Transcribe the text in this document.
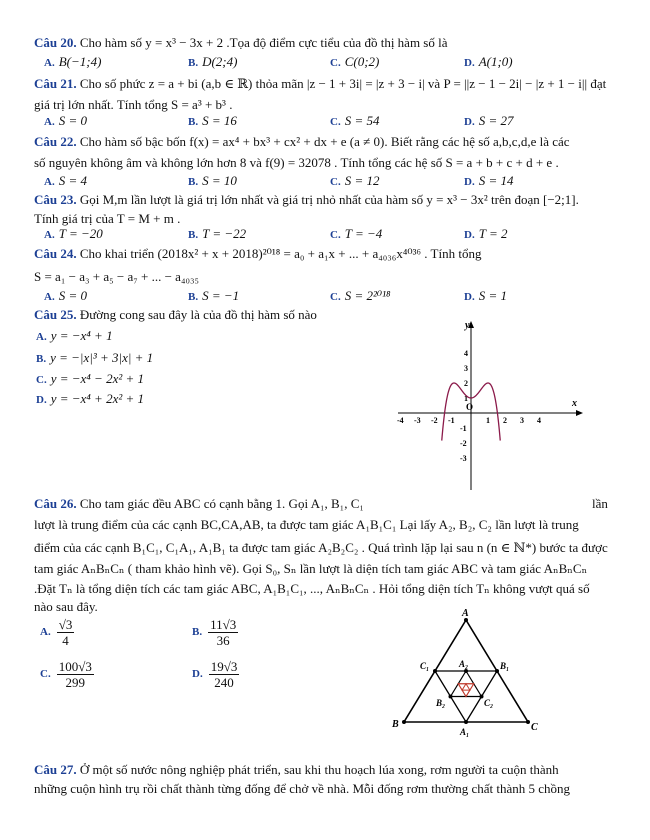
Câu 20. Cho hàm số y = x³ − 3x + 2 .Tọa độ điểm cực tiểu của đồ thị hàm số là
A. B(−1;4)	B. D(2;4)	C. C(0;2)	D. A(1;0)
Câu 21. Cho số phức z = a + bi (a,b ∈ ℝ) thỏa mãn |z − 1 + 3i| = |z + 3 − i| và P = ||z − 1 − 2i| − |z + 1 − i|| đạt
giá trị lớn nhất. Tính tổng S = a³ + b³ .
A. S = 0	B. S = 16	C. S = 54	D. S = 27
Câu 22. Cho hàm số bậc bốn f(x) = ax⁴ + bx³ + cx² + dx + e (a ≠ 0). Biết rằng các hệ số a,b,c,d,e là các
số nguyên không âm và không lớn hơn 8 và f(9) = 32078 . Tính tổng các hệ số S = a + b + c + d + e .
A. S = 4	B. S = 10	C. S = 12	D. S = 14
Câu 23. Gọi M,m lần lượt là giá trị lớn nhất và giá trị nhỏ nhất của hàm số y = x³ − 3x² trên đoạn [−2;1].
Tính giá trị của T = M + m .
A. T = −20	B. T = −22	C. T = −4	D. T = 2
Câu 24. Cho khai triển (2018x² + x + 2018)²⁰¹⁸ = a₀ + a₁x + ... + a₄₀₃₆x⁴⁰³⁶ . Tính tổng
S = a₁ − a₃ + a₅ − a₇ + ... − a₄₀₃₅
A. S = 0	B. S = −1	C. S = 2²⁰¹⁸	D. S = 1
Câu 25. Đường cong sau đây là của đồ thị hàm số nào
A. y = −x⁴ + 1
B. y = −|x|³ + 3|x| + 1
C. y = −x⁴ − 2x² + 1
D. y = −x⁴ + 2x² + 1	x
y
O
-4 -3 -2 -1	1 2 3 4
4
3
2
1
-1
-2
-3
Câu 26. Cho tam giác đều ABC có cạnh bằng 1. Gọi A₁, B₁, C₁	lần
lượt là trung điểm của các cạnh BC,CA,AB, ta được tam giác A₁B₁C₁ Lại lấy A₂, B₂, C₂ lần lượt là trung
điểm của các cạnh B₁C₁, C₁A₁, A₁B₁ ta được tam giác A₂B₂C₂ . Quá trình lặp lại sau n (n ∈ ℕ*) bước ta được
tam giác AₙBₙCₙ ( tham khảo hình vẽ). Gọi S₀, Sₙ lần lượt là diện tích tam giác ABC và tam giác AₙBₙCₙ
.Đặt Tₙ là tổng diện tích các tam giác ABC, A₁B₁C₁, ..., AₙBₙCₙ . Hỏi tổng diện tích Tₙ không vượt quá số
nào sau đây.
A. $\frac{√3}{4}$	B. $\frac{11√3}{36}$
C. $\frac{100√3}{299}$	D. $\frac{19√3}{240}$
A
B	C
A₁
B₁
C₁	A₂
B₂	C₂
Câu 27. Ở một số nước nông nghiệp phát triển, sau khi thu hoạch lúa xong, rơm người ta cuộn thành
những cuộn hình trụ rồi chất thành từng đống để chở về nhà. Mỗi đống rơm thường chất thành 5 chồng
